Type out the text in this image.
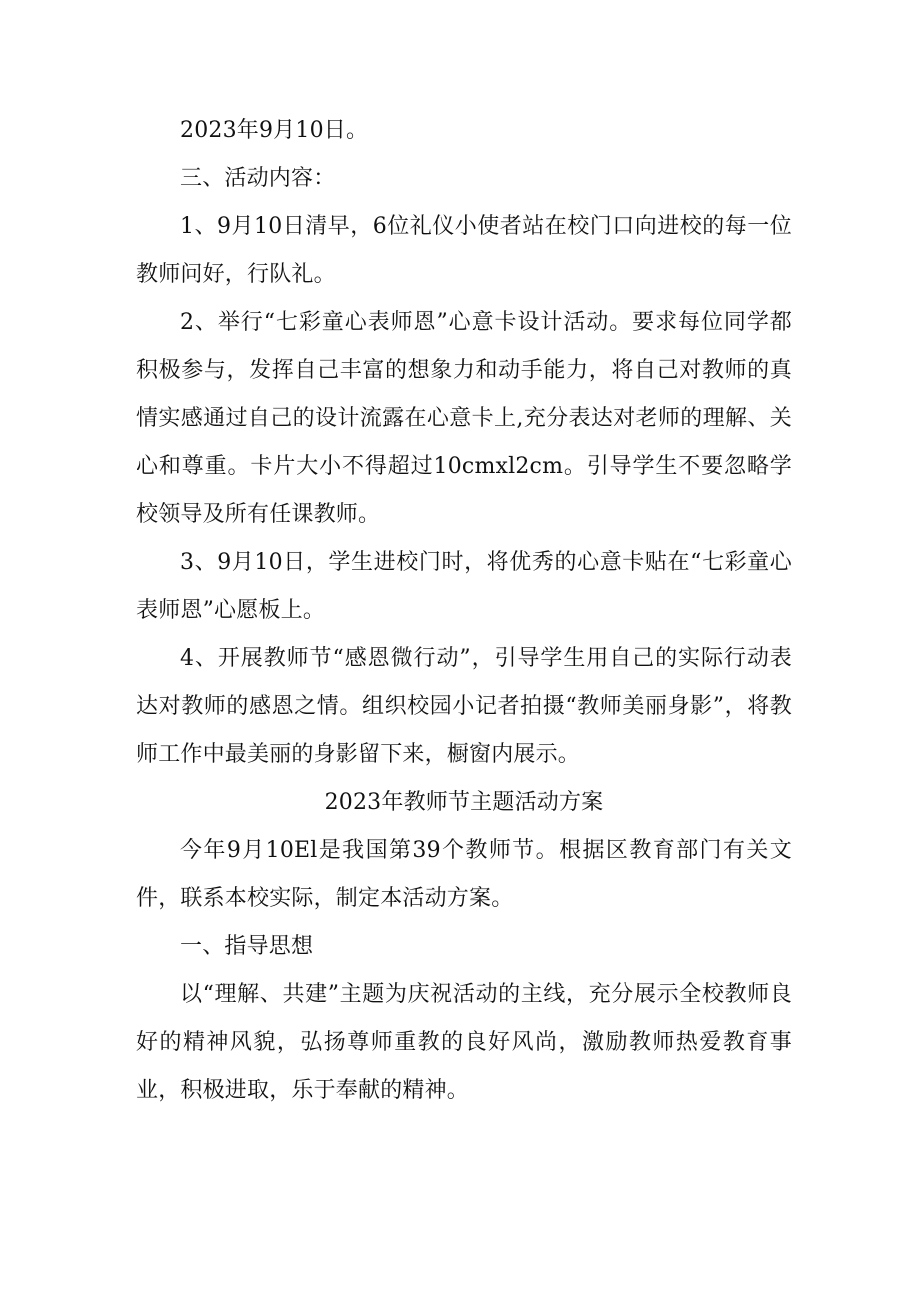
2023年9月10日。

三、活动内容：

1、9月10日清早，6位礼仪小使者站在校门口向进校的每一位教师问好，行队礼。

2、举行“七彩童心表师恩”心意卡设计活动。要求每位同学都积极参与，发挥自己丰富的想象力和动手能力，将自己对教师的真情实感通过自己的设计流露在心意卡上,充分表达对老师的理解、关心和尊重。卡片大小不得超过10cmxl2cm。引导学生不要忽略学校领导及所有任课教师。

3、9月10日，学生进校门时，将优秀的心意卡贴在“七彩童心表师恩”心愿板上。

4、开展教师节“感恩微行动”，引导学生用自己的实际行动表达对教师的感恩之情。组织校园小记者拍摄“教师美丽身影”，将教师工作中最美丽的身影留下来，橱窗内展示。

2023年教师节主题活动方案

今年9月10El是我国第39个教师节。根据区教育部门有关文件，联系本校实际，制定本活动方案。

一、指导思想

以“理解、共建”主题为庆祝活动的主线，充分展示全校教师良好的精神风貌，弘扬尊师重教的良好风尚，激励教师热爱教育事业，积极进取，乐于奉献的精神。
